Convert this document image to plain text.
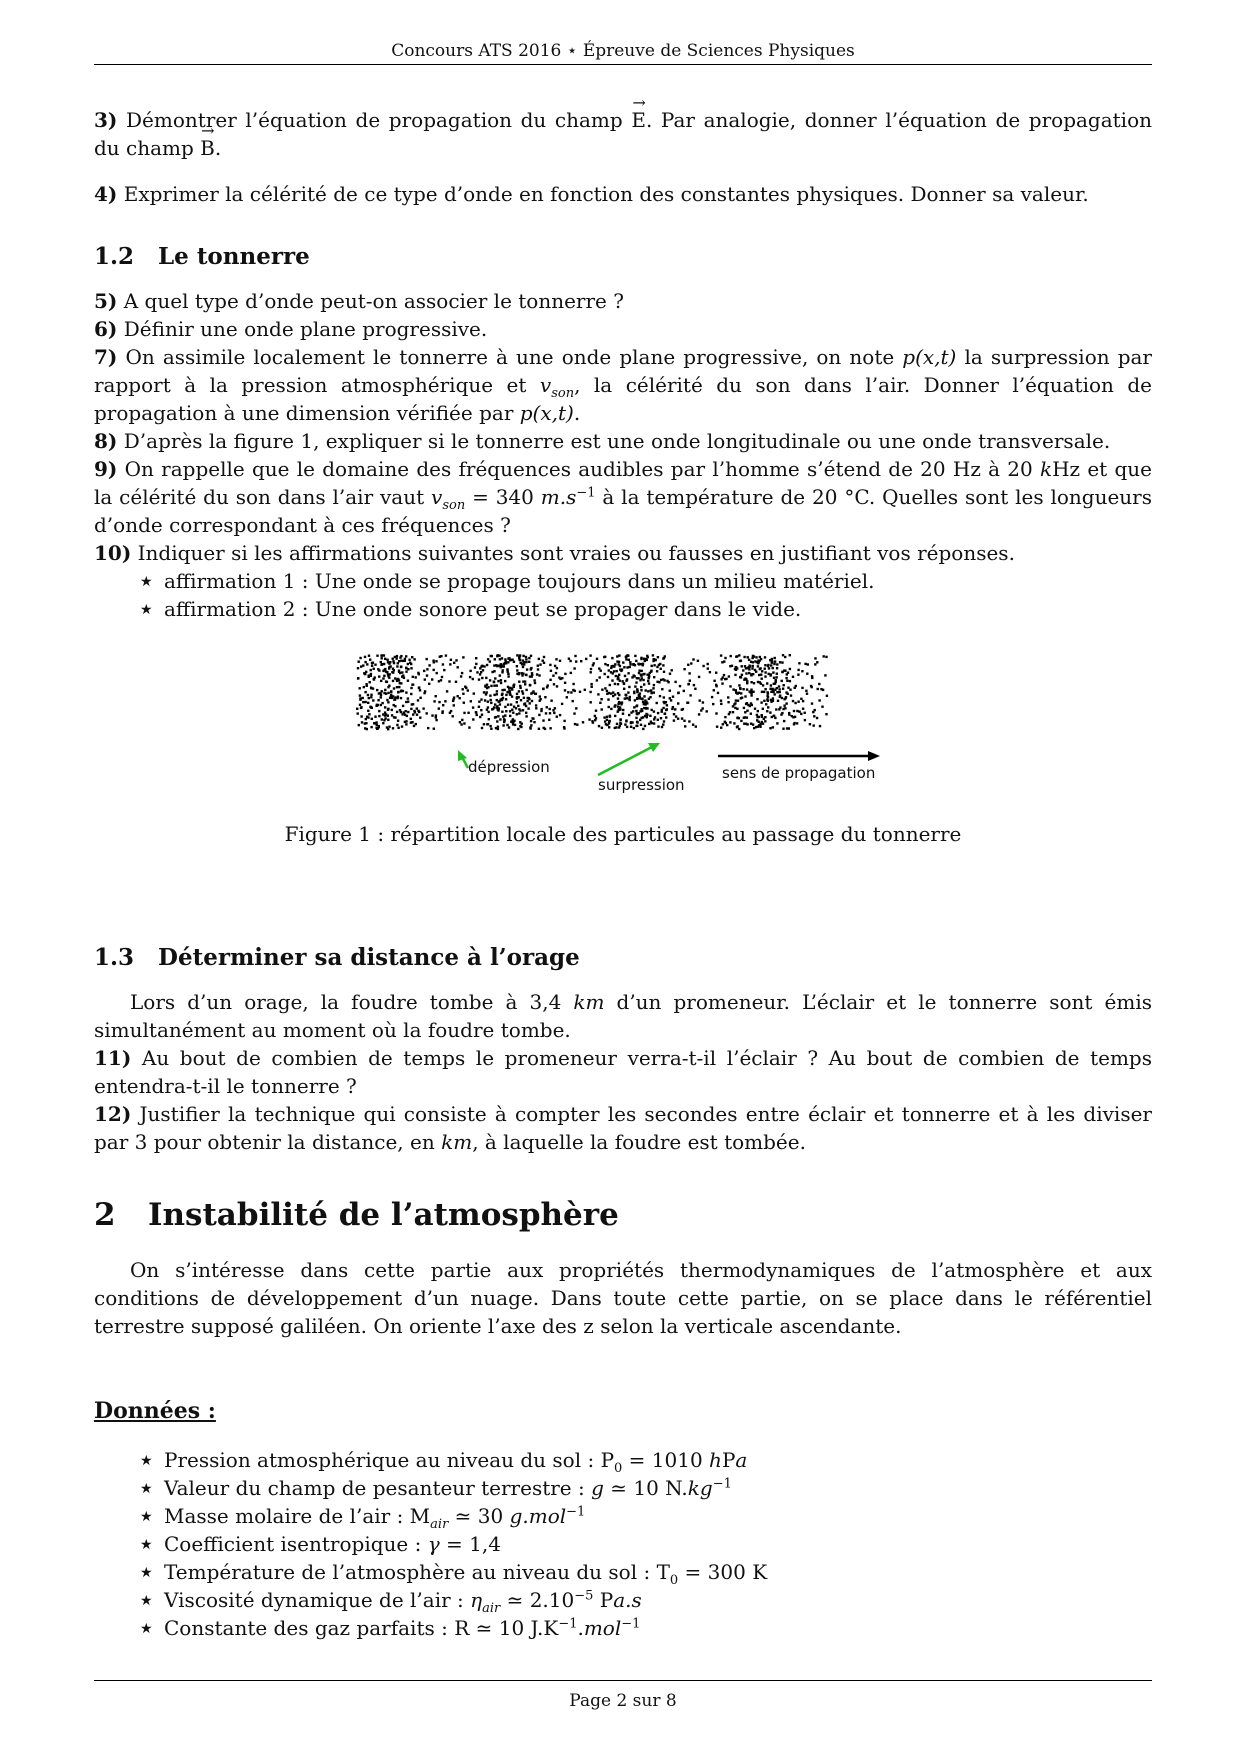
Concours ATS 2016 ⋆ Épreuve de Sciences Physiques

3) Démontrer l’équation de propagation du champ → E. Par analogie, donner l’équation de propagation du champ → B.

4) Exprimer la célérité de ce type d’onde en fonction des constantes physiques. Donner sa valeur.

1.2 Le tonnerre

5) A quel type d’onde peut-on associer le tonnerre ?

6) Définir une onde plane progressive.

7) On assimile localement le tonnerre à une onde plane progressive, on note p(x,t) la surpression par rapport à la pression atmosphérique et $v_{son}$, la célérité du son dans l’air. Donner l’équation de propagation à une dimension vérifiée par p(x,t).

8) D’après la figure 1, expliquer si le tonnerre est une onde longitudinale ou une onde transversale.

9) On rappelle que le domaine des fréquences audibles par l’homme s’étend de 20 Hz à 20 kHz et que la célérité du son dans l’air vaut $v_{son} = 340$ $m.s^{-1}$ à la température de 20 °C. Quelles sont les longueurs d’onde correspondant à ces fréquences ?

10) Indiquer si les affirmations suivantes sont vraies ou fausses en justifiant vos réponses.

★ affirmation 1 : Une onde se propage toujours dans un milieu matériel.

★ affirmation 2 : Une onde sonore peut se propager dans le vide.

dépression
surpression
sens de propagation

Figure 1 : répartition locale des particules au passage du tonnerre

1.3 Déterminer sa distance à l’orage

Lors d’un orage, la foudre tombe à 3,4 km d’un promeneur. L’éclair et le tonnerre sont émis simultanément au moment où la foudre tombe.

11) Au bout de combien de temps le promeneur verra-t-il l’éclair ? Au bout de combien de temps entendra-t-il le tonnerre ?

12) Justifier la technique qui consiste à compter les secondes entre éclair et tonnerre et à les diviser par 3 pour obtenir la distance, en km, à laquelle la foudre est tombée.

2 Instabilité de l’atmosphère

On s’intéresse dans cette partie aux propriétés thermodynamiques de l’atmosphère et aux conditions de développement d’un nuage. Dans toute cette partie, on se place dans le référentiel terrestre supposé galiléen. On oriente l’axe des z selon la verticale ascendante.

Données :

★ Pression atmosphérique au niveau du sol : $P_0 = 1010$ hPa

★ Valeur du champ de pesanteur terrestre : g ≃ 10 $N.kg^{-1}$

★ Masse molaire de l’air : $M_{air}$ ≃ 30 g.mol$^{-1}$

★ Coefficient isentropique : γ = 1,4

★ Température de l’atmosphère au niveau du sol : $T_0 = 300$ K

★ Viscosité dynamique de l’air : $\eta_{air}$ ≃ $2.10^{-5}$ Pa.s

★ Constante des gaz parfaits : R ≃ 10 $J.K^{-1}.mol^{-1}$

Page 2 sur 8
